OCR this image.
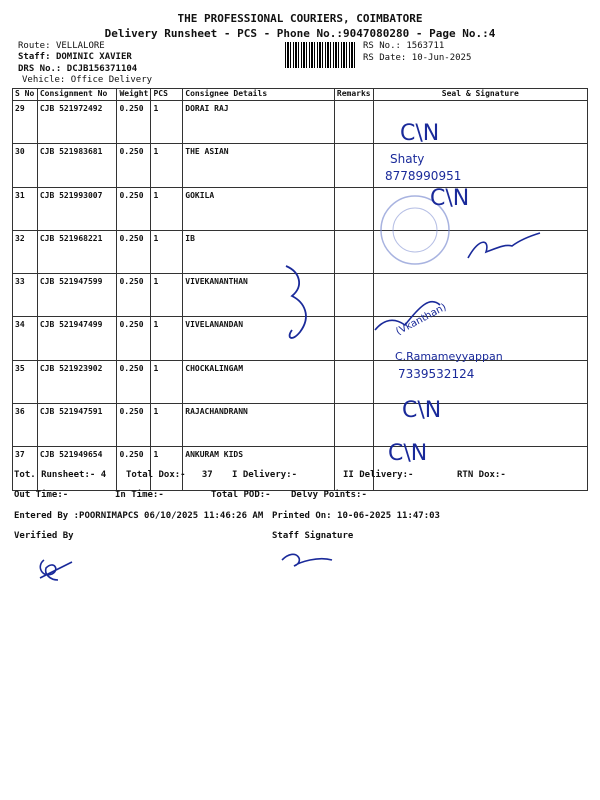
THE PROFESSIONAL COURIERS, COIMBATORE
Delivery Runsheet - PCS - Phone No.:9047080280 - Page No.:4
Route: VELLALORE
Staff: DOMINIC XAVIER
DRS No.: DCJB156371104
Vehicle: Office Delivery
RS No.: 1563711
RS Date: 10-Jun-2025
S No	Consignment No	Weight	PCS	Consignee Details	Remarks	Seal & Signature
29	CJB 521972492	0.250	1	DORAI RAJ		
30	CJB 521983681	0.250	1	THE ASIAN		
31	CJB 521993007	0.250	1	GOKILA		
32	CJB 521968221	0.250	1	IB		
33	CJB 521947599	0.250	1	VIVEKANANTHAN		
34	CJB 521947499	0.250	1	VIVELANANDAN		
35	CJB 521923902	0.250	1	CHOCKALINGAM		
36	CJB 521947591	0.250	1	RAJACHANDRANN		
37	CJB 521949654	0.250	1	ANKURAM KIDS		
Tot. Runsheet:- 4 Total Dox:-   37 I Delivery:-	II Delivery:-	RTN Dox:-
Out Time:-	In Time:-	Total POD:- Delvy Points:-
Entered By :POORNIMAPCS 06/10/2025 11:46:26 AM Printed On: 10-06-2025 11:47:03
Verified By	Staff Signature
C\N
Shaty
8778990951
C\N
(Vkanthan)
C.Ramameyyappan
7339532124
C\N
C\N
